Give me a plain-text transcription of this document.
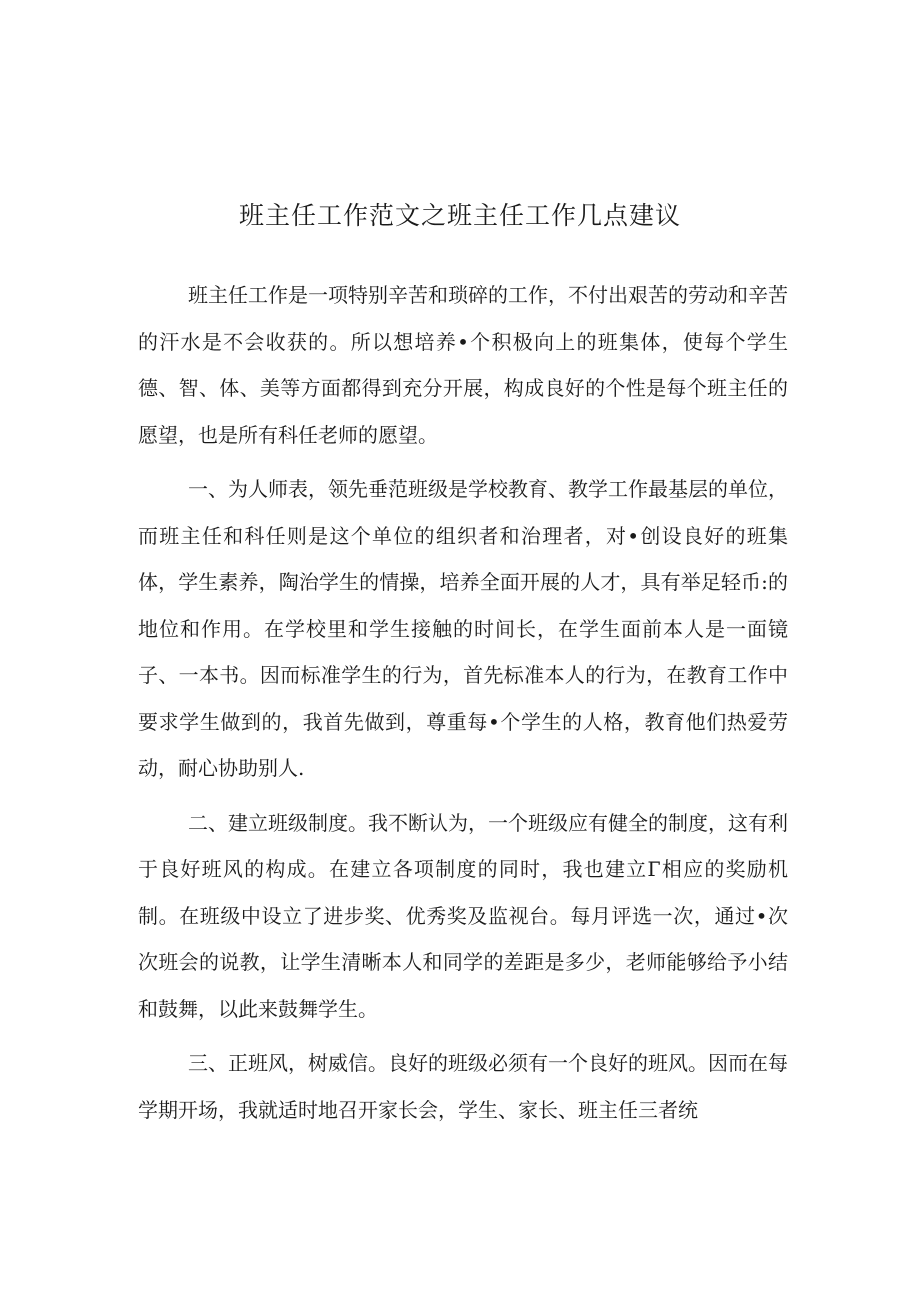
班主任工作范文之班主任工作几点建议

班主任工作是一项特别辛苦和琐碎的工作，不付出艰苦的劳动和辛苦的汗水是不会收获的。所以想培养•个积极向上的班集体，使每个学生德、智、体、美等方面都得到充分开展，构成良好的个性是每个班主任的愿望，也是所有科任老师的愿望。

一、为人师表，领先垂范班级是学校教育、教学工作最基层的单位，而班主任和科任则是这个单位的组织者和治理者，对•创设良好的班集体，学生素养，陶治学生的情操，培养全面开展的人才，具有举足轻币:的地位和作用。在学校里和学生接触的时间长，在学生面前本人是一面镜子、一本书。因而标准学生的行为，首先标准本人的行为，在教育工作中要求学生做到的，我首先做到，尊重每•个学生的人格，教育他们热爱劳动，耐心协助别人.

二、建立班级制度。我不断认为，一个班级应有健全的制度，这有利于良好班风的构成。在建立各项制度的同时，我也建立Г相应的奖励机制。在班级中设立了进步奖、优秀奖及监视台。每月评选一次，通过•次次班会的说教，让学生清晰本人和同学的差距是多少，老师能够给予小结和鼓舞，以此来鼓舞学生。

三、正班风，树威信。良好的班级必须有一个良好的班风。因而在每学期开场，我就适时地召开家长会，学生、家长、班主任三者统
